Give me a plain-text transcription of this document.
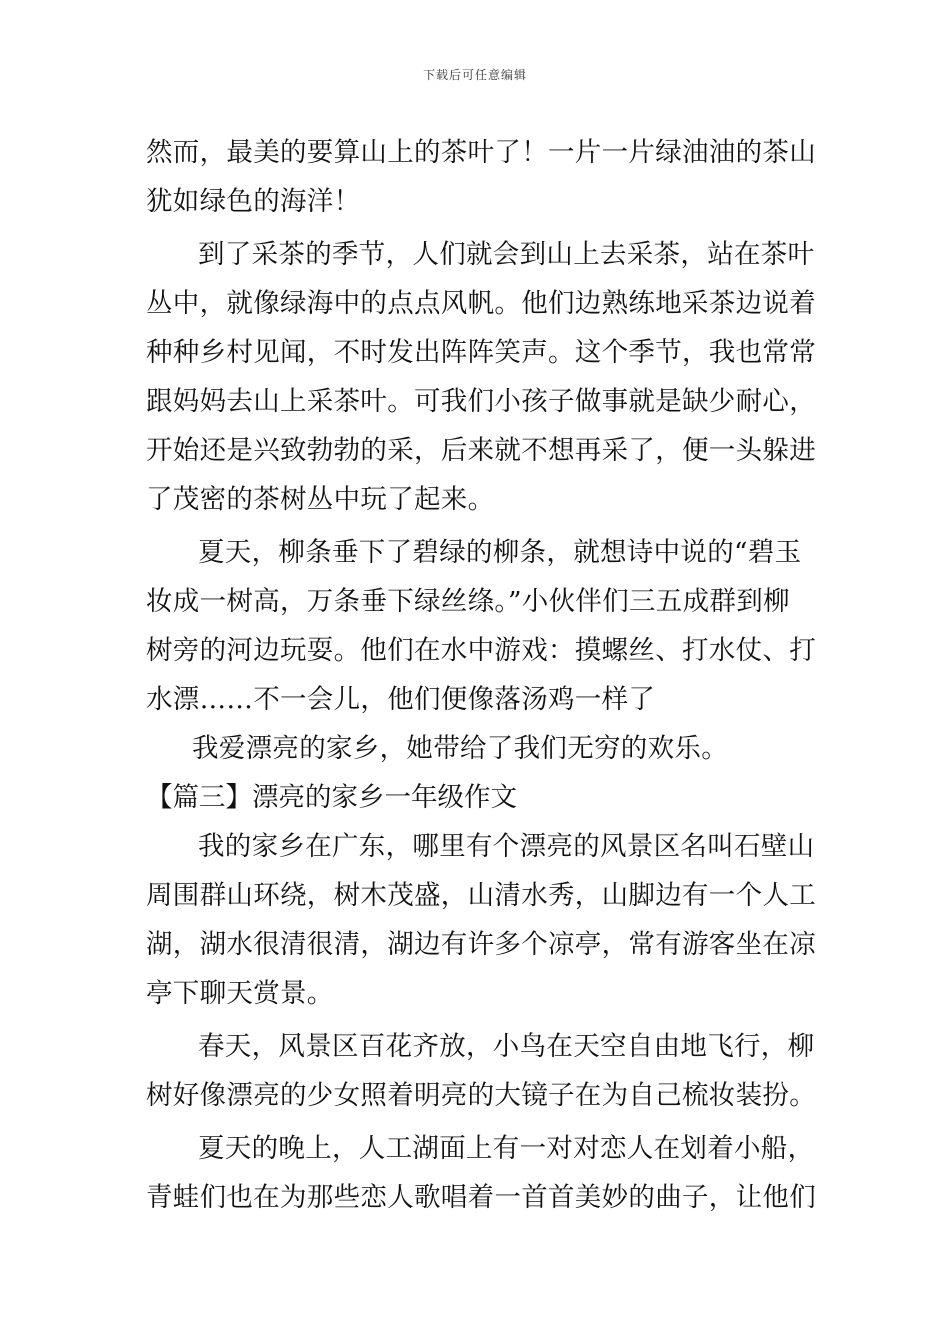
下载后可任意编辑
然而，最美的要算山上的茶叶了！一片一片绿油油的茶山
犹如绿色的海洋！
到了采茶的季节，人们就会到山上去采茶，站在茶叶
丛中，就像绿海中的点点风帆。他们边熟练地采茶边说着
种种乡村见闻，不时发出阵阵笑声。这个季节，我也常常
跟妈妈去山上采茶叶。可我们小孩子做事就是缺少耐心，
开始还是兴致勃勃的采，后来就不想再采了，便一头躲进
了茂密的茶树丛中玩了起来。
夏天，柳条垂下了碧绿的柳条，就想诗中说的“碧玉
妆成一树高，万条垂下绿丝绦。”小伙伴们三五成群到柳
树旁的河边玩耍。他们在水中游戏：摸螺丝、打水仗、打
水漂……不一会儿，他们便像落汤鸡一样了
我爱漂亮的家乡，她带给了我们无穷的欢乐。
【篇三】漂亮的家乡一年级作文
我的家乡在广东，哪里有个漂亮的风景区名叫石壁山
周围群山环绕，树木茂盛，山清水秀，山脚边有一个人工
湖，湖水很清很清，湖边有许多个凉亭，常有游客坐在凉
亭下聊天赏景。
春天，风景区百花齐放，小鸟在天空自由地飞行，柳
树好像漂亮的少女照着明亮的大镜子在为自己梳妆装扮。
夏天的晚上，人工湖面上有一对对恋人在划着小船，
青蛙们也在为那些恋人歌唱着一首首美妙的曲子，让他们
